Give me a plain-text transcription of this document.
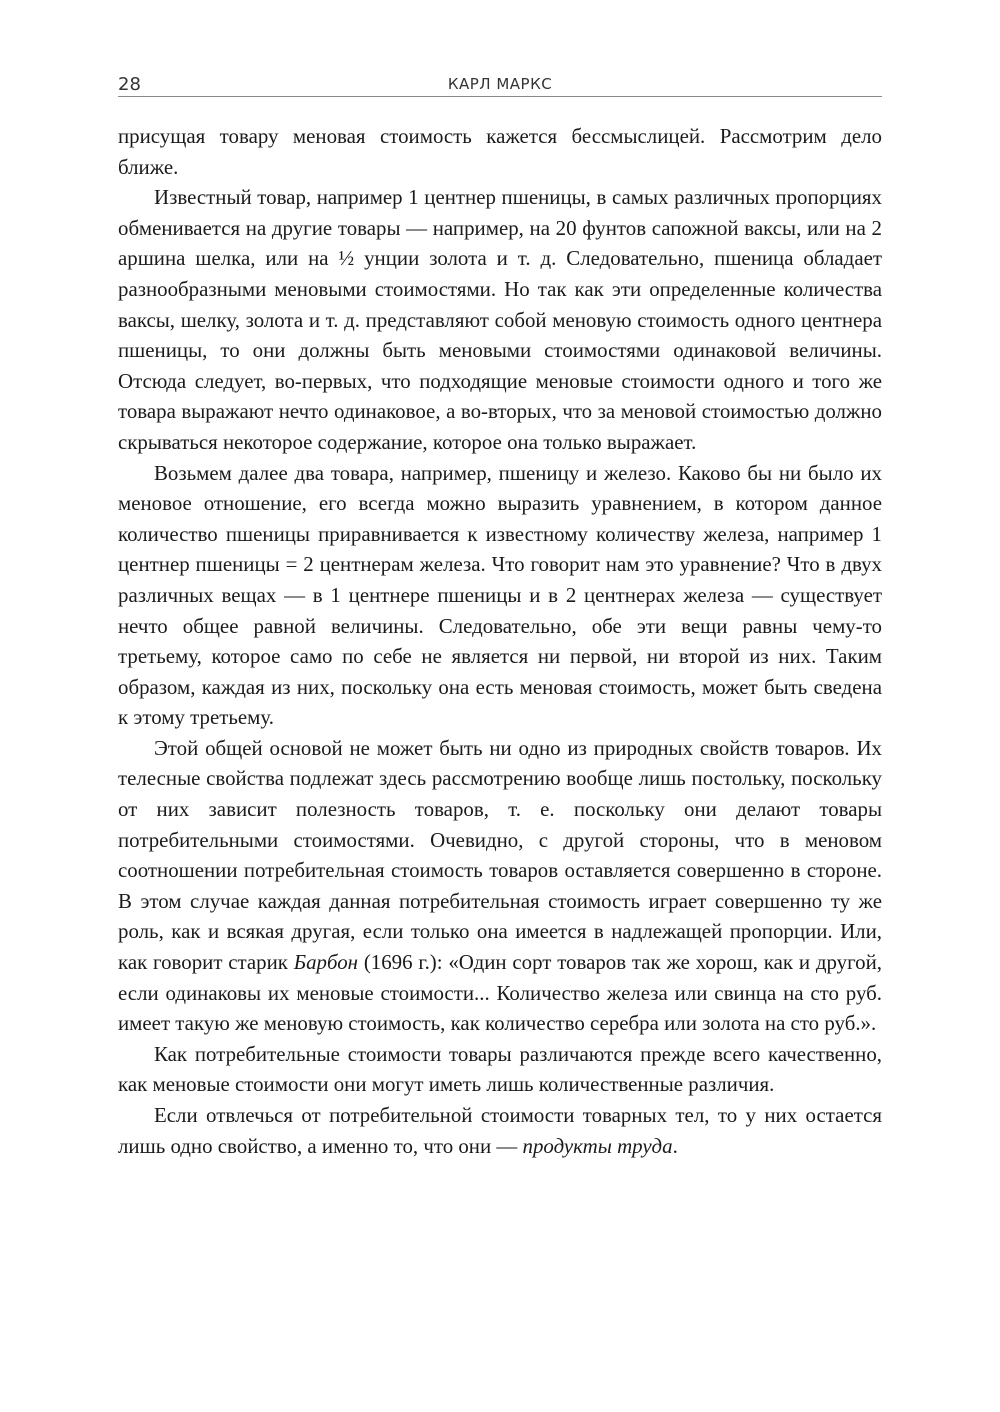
28	КАРЛ МАРКС

присущая товару меновая стоимость кажется бессмыслицей. Рассмотрим дело ближе.

Известный товар, например 1 центнер пшеницы, в самых различных пропорциях обменивается на другие товары — например, на 20 фунтов сапожной ваксы, или на 2 аршина шелка, или на ½ унции золота и т. д. Следовательно, пшеница обладает разнообразными меновыми стоимостями. Но так как эти определенные количества ваксы, шелку, золота и т. д. представляют собой меновую стоимость одного центнера пшеницы, то они должны быть меновыми стоимостями одинаковой величины. Отсюда следует, во-первых, что подходящие меновые стоимости одного и того же товара выражают нечто одинаковое, а во-вторых, что за меновой стоимостью должно скрываться некоторое содержание, которое она только выражает.

Возьмем далее два товара, например, пшеницу и железо. Каково бы ни было их меновое отношение, его всегда можно выразить уравнением, в котором данное количество пшеницы приравнивается к известному количеству железа, например 1 центнер пшеницы = 2 центнерам железа. Что говорит нам это уравнение? Что в двух различных вещах — в 1 центнере пшеницы и в 2 центнерах железа — существует нечто общее равной величины. Следовательно, обе эти вещи равны чему-то третьему, которое само по себе не является ни первой, ни второй из них. Таким образом, каждая из них, поскольку она есть меновая стоимость, может быть сведена к этому третьему.

Этой общей основой не может быть ни одно из природных свойств товаров. Их телесные свойства подлежат здесь рассмотрению вообще лишь постольку, поскольку от них зависит полезность товаров, т. е. поскольку они делают товары потребительными стоимостями. Очевидно, с другой стороны, что в меновом соотношении потребительная стоимость товаров оставляется совершенно в стороне. В этом случае каждая данная потребительная стоимость играет совершенно ту же роль, как и всякая другая, если только она имеется в надлежащей пропорции. Или, как говорит старик Барбон (1696 г.): «Один сорт товаров так же хорош, как и другой, если одинаковы их меновые стоимости... Количество железа или свинца на сто руб. имеет такую же меновую стоимость, как количество серебра или золота на сто руб.».

Как потребительные стоимости товары различаются прежде всего качественно, как меновые стоимости они могут иметь лишь количественные различия.

Если отвлечься от потребительной стоимости товарных тел, то у них остается лишь одно свойство, а именно то, что они — продукты труда.
